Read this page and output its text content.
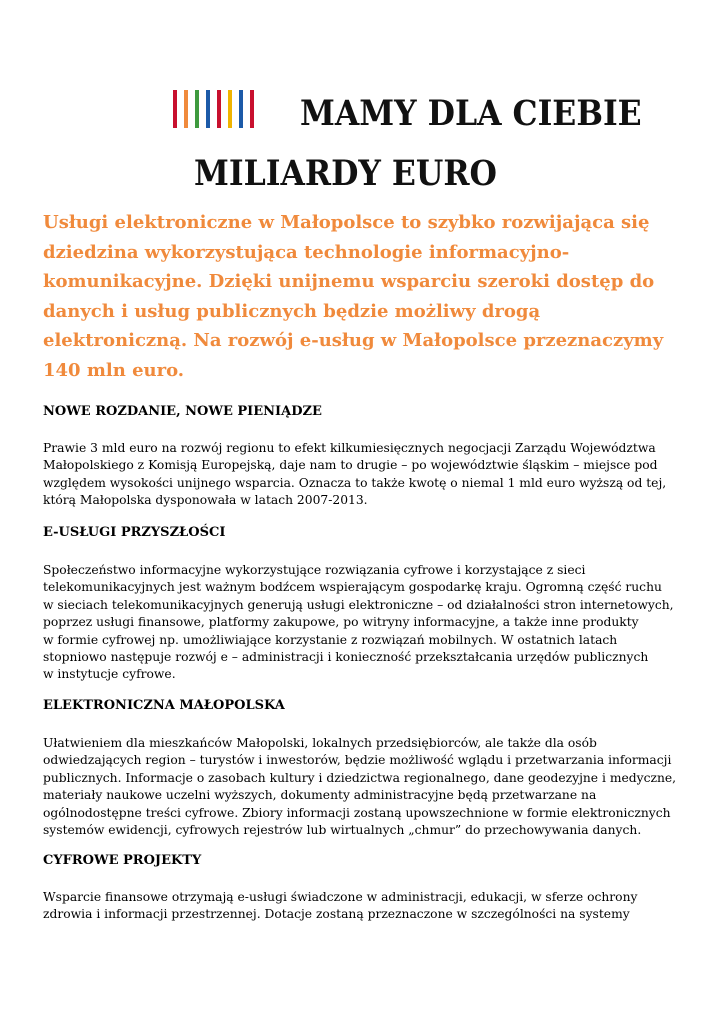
MAMY DLA CIEBIE
MILIARDY EURO
Usługi elektroniczne w Małopolsce to szybko rozwijająca się
dziedzina wykorzystująca technologie informacyjno-
komunikacyjne. Dzięki unijnemu wsparciu szeroki dostęp do
danych i usług publicznych będzie możliwy drogą
elektroniczną. Na rozwój e-usług w Małopolsce przeznaczymy
140 mln euro.
NOWE ROZDANIE, NOWE PIENIĄDZE
Prawie 3 mld euro na rozwój regionu to efekt kilkumiesięcznych negocjacji Zarządu Województwa
Małopolskiego z Komisją Europejską, daje nam to drugie – po województwie śląskim – miejsce pod
względem wysokości unijnego wsparcia. Oznacza to także kwotę o niemal 1 mld euro wyższą od tej,
którą Małopolska dysponowała w latach 2007-2013.
E-USŁUGI PRZYSZŁOŚCI
Społeczeństwo informacyjne wykorzystujące rozwiązania cyfrowe i korzystające z sieci
telekomunikacyjnych jest ważnym bodźcem wspierającym gospodarkę kraju. Ogromną część ruchu
w sieciach telekomunikacyjnych generują usługi elektroniczne – od działalności stron internetowych,
poprzez usługi finansowe, platformy zakupowe, po witryny informacyjne, a także inne produkty
w formie cyfrowej np. umożliwiające korzystanie z rozwiązań mobilnych. W ostatnich latach
stopniowo następuje rozwój e – administracji i konieczność przekształcania urzędów publicznych
w instytucje cyfrowe.
ELEKTRONICZNA MAŁOPOLSKA
Ułatwieniem dla mieszkańców Małopolski, lokalnych przedsiębiorców, ale także dla osób
odwiedzających region – turystów i inwestorów, będzie możliwość wglądu i przetwarzania informacji
publicznych. Informacje o zasobach kultury i dziedzictwa regionalnego, dane geodezyjne i medyczne,
materiały naukowe uczelni wyższych, dokumenty administracyjne będą przetwarzane na
ogólnodostępne treści cyfrowe. Zbiory informacji zostaną upowszechnione w formie elektronicznych
systemów ewidencji, cyfrowych rejestrów lub wirtualnych „chmur” do przechowywania danych.
CYFROWE PROJEKTY
Wsparcie finansowe otrzymają e-usługi świadczone w administracji, edukacji, w sferze ochrony
zdrowia i informacji przestrzennej. Dotacje zostaną przeznaczone w szczególności na systemy
